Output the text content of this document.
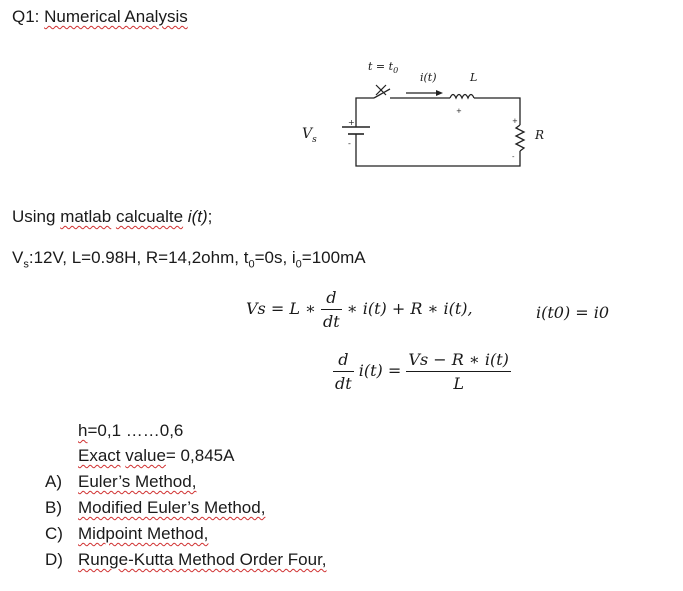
Q1: Numerical Analysis
+
-
+
+
-
$t = t_0$
i(t)	L
$V_s$	R
Using matlab calcualte i(t);
$V_s:12V$, L=0.98H, R=14,2ohm, $t_0=0s$, $i_0=100mA$
Vs = L ∗ $\frac{d}{dt}$ ∗ i(t) + R ∗ i(t),	i(t0) = i0
$\frac{d}{dt} i(t) = \frac{Vs - R ∗ i(t)}{L}$
h=0,1 ……0,6
Exact value= 0,845A
A) Euler’s Method,
B) Modified Euler’s Method,
C) Midpoint Method,
D) Runge-Kutta Method Order Four,
